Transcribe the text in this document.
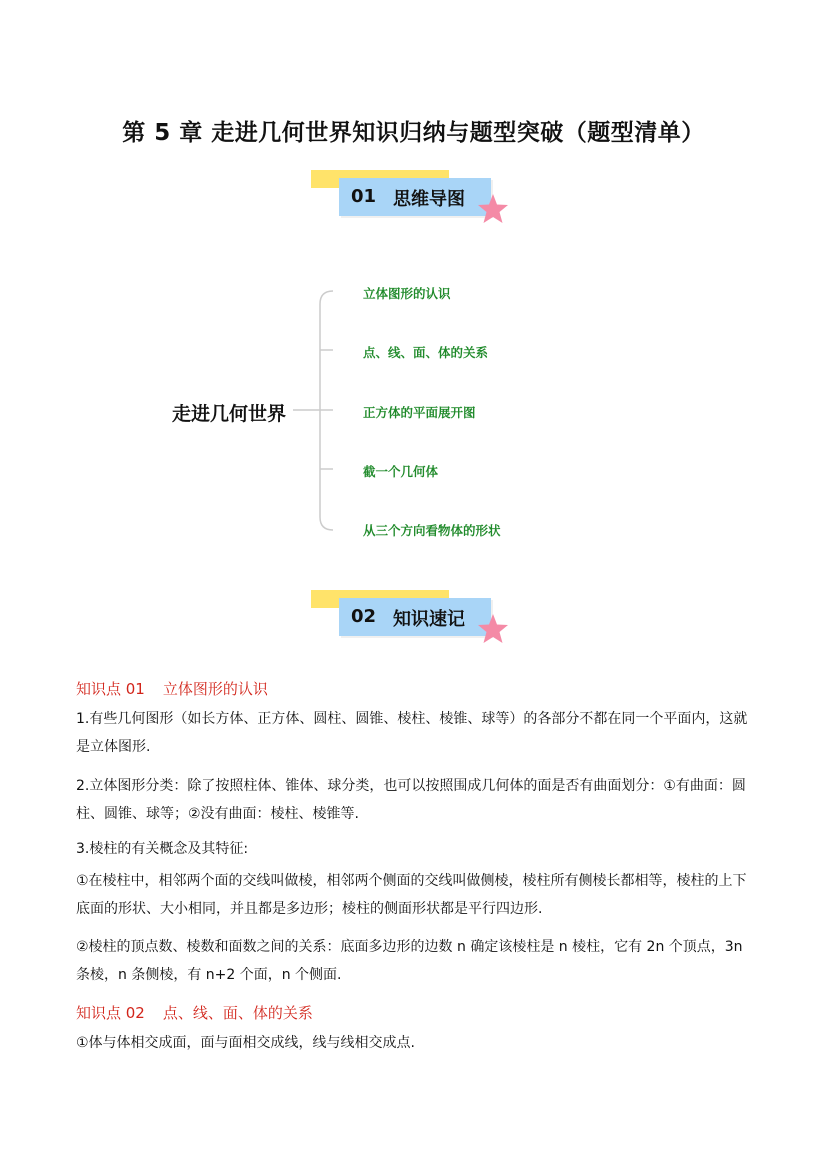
第 5 章 走进几何世界知识归纳与题型突破（题型清单）
01 思维导图
走进几何世界
立体图形的认识
点、线、面、体的关系
正方体的平面展开图
截一个几何体
从三个方向看物体的形状
02 知识速记
知识点 01 立体图形的认识
1.有些几何图形（如长方体、正方体、圆柱、圆锥、棱柱、棱锥、球等）的各部分不都在同一个平面内，这就是立体图形.
2.立体图形分类：除了按照柱体、锥体、球分类，也可以按照围成几何体的面是否有曲面划分：①有曲面：圆柱、圆锥、球等；②没有曲面：棱柱、棱锥等.
3.棱柱的有关概念及其特征:
①在棱柱中，相邻两个面的交线叫做棱，相邻两个侧面的交线叫做侧棱，棱柱所有侧棱长都相等，棱柱的上下底面的形状、大小相同，并且都是多边形；棱柱的侧面形状都是平行四边形.
②棱柱的顶点数、棱数和面数之间的关系：底面多边形的边数 n 确定该棱柱是 n 棱柱，它有 2n 个顶点，3n 条棱，n 条侧棱，有 n+2 个面，n 个侧面.
知识点 02 点、线、面、体的关系
①体与体相交成面，面与面相交成线，线与线相交成点.
